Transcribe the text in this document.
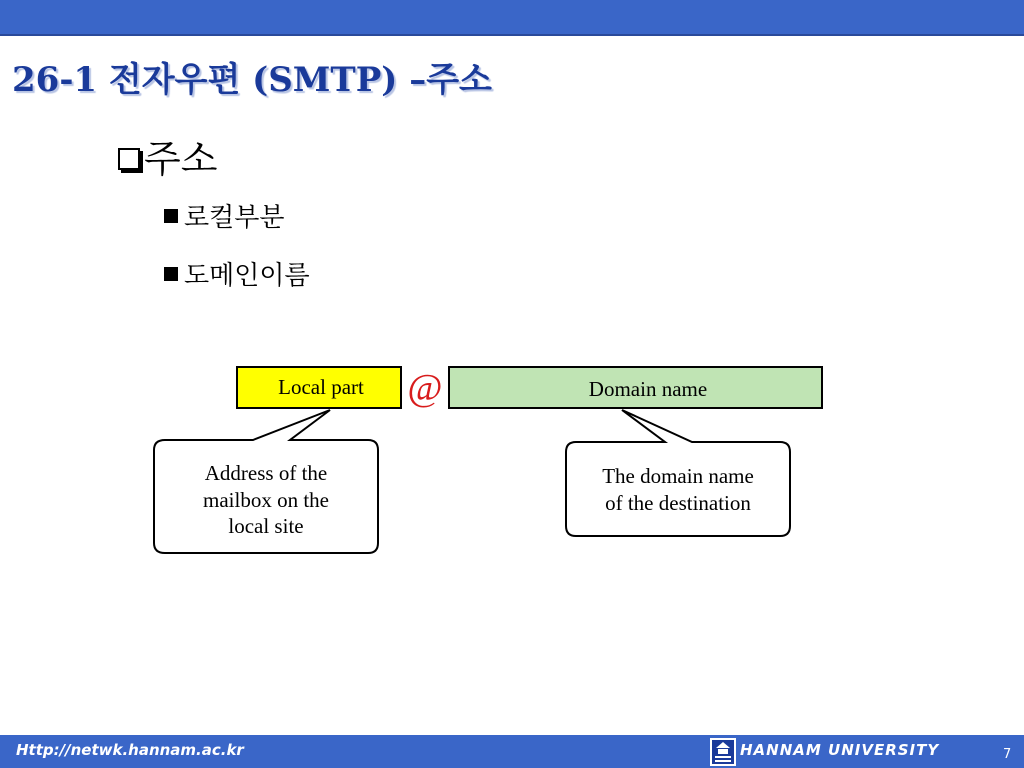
26-1 전자우편 (SMTP) –주소
주소
로컬부분
도메인이름
Local part @	Domain name
Address of the
mailbox on the
local site
The domain name
of the destination
Http://netwk.hannam.ac.kr	HANNAM UNIVERSITY	7
